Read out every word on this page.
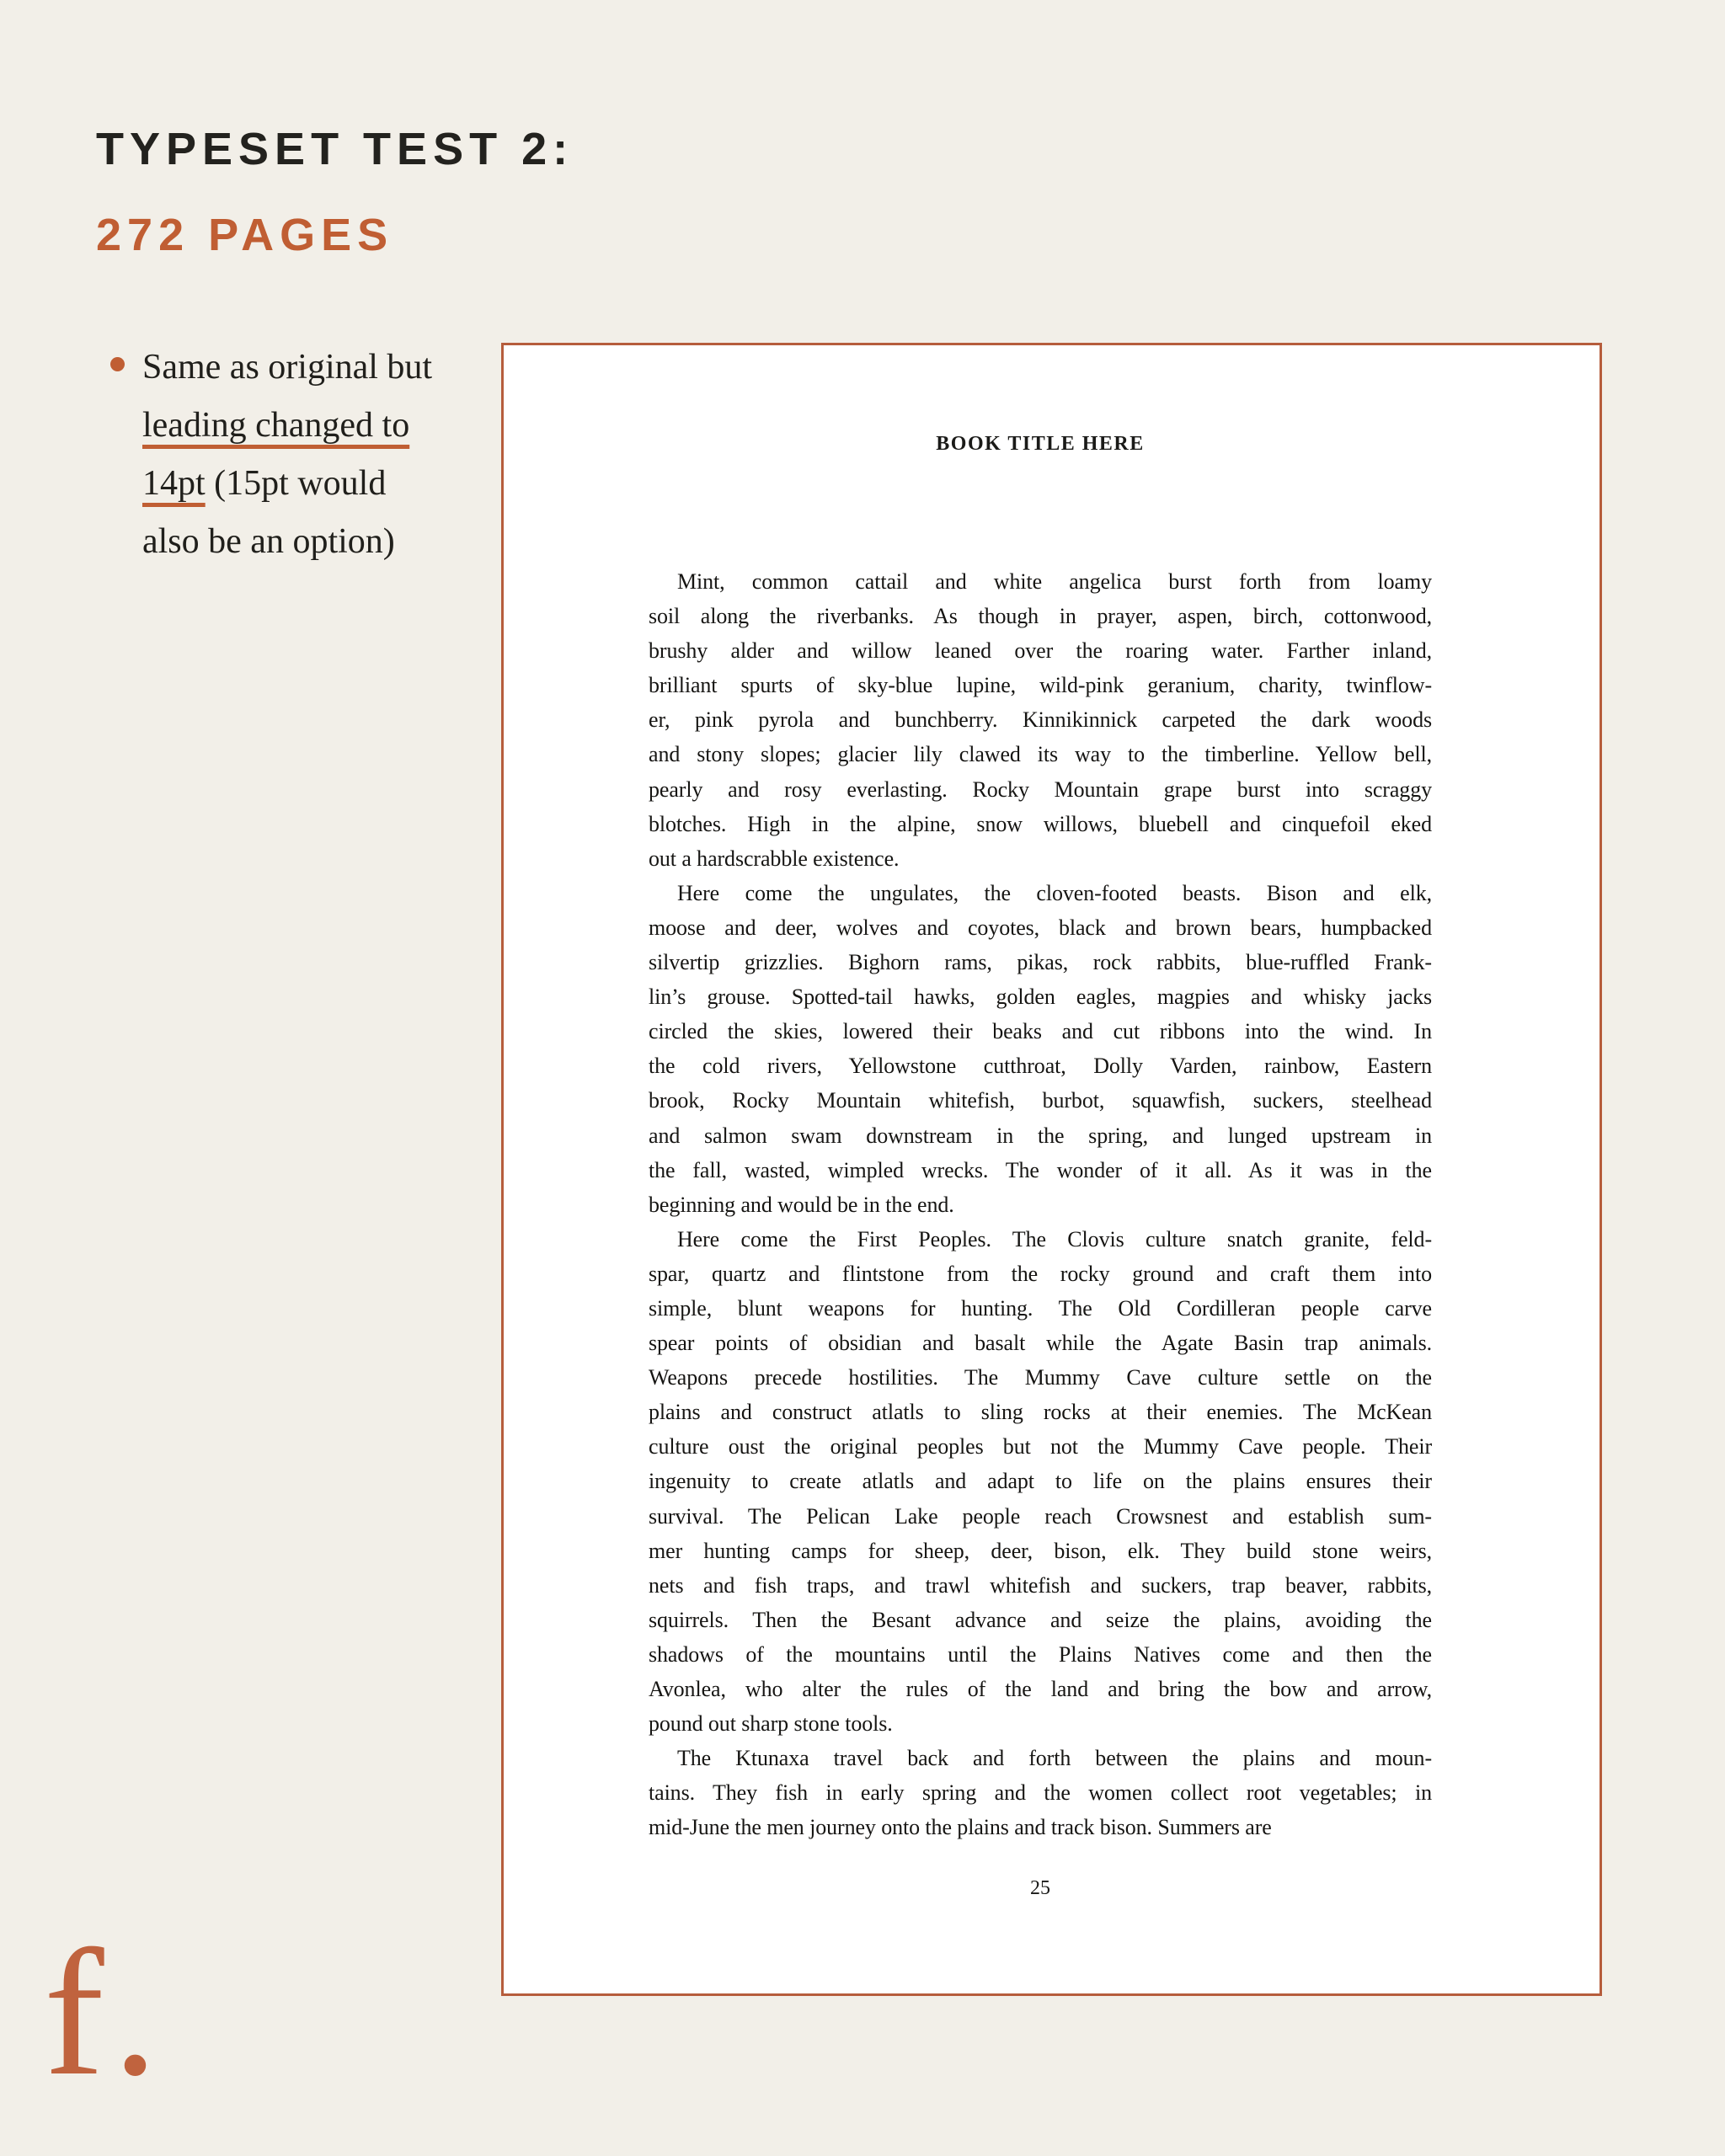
TYPESET TEST 2:
272 PAGES
Same as original but leading changed to 14pt (15pt would also be an option)
BOOK TITLE HERE
Mint, common cattail and white angelica burst forth from loamy
soil along the riverbanks. As though in prayer, aspen, birch, cottonwood,
brushy alder and willow leaned over the roaring water. Farther inland,
brilliant spurts of sky-blue lupine, wild-pink geranium, charity, twinflow-
er, pink pyrola and bunchberry. Kinnikinnick carpeted the dark woods
and stony slopes; glacier lily clawed its way to the timberline. Yellow bell,
pearly and rosy everlasting. Rocky Mountain grape burst into scraggy
blotches. High in the alpine, snow willows, bluebell and cinquefoil eked
out a hardscrabble existence.
Here come the ungulates, the cloven-footed beasts. Bison and elk,
moose and deer, wolves and coyotes, black and brown bears, humpbacked
silvertip grizzlies. Bighorn rams, pikas, rock rabbits, blue-ruffled Frank-
lin’s grouse. Spotted-tail hawks, golden eagles, magpies and whisky jacks
circled the skies, lowered their beaks and cut ribbons into the wind. In
the cold rivers, Yellowstone cutthroat, Dolly Varden, rainbow, Eastern
brook, Rocky Mountain whitefish, burbot, squawfish, suckers, steelhead
and salmon swam downstream in the spring, and lunged upstream in
the fall, wasted, wimpled wrecks. The wonder of it all. As it was in the
beginning and would be in the end.
Here come the First Peoples. The Clovis culture snatch granite, feld-
spar, quartz and flintstone from the rocky ground and craft them into
simple, blunt weapons for hunting. The Old Cordilleran people carve
spear points of obsidian and basalt while the Agate Basin trap animals.
Weapons precede hostilities. The Mummy Cave culture settle on the
plains and construct atlatls to sling rocks at their enemies. The McKean
culture oust the original peoples but not the Mummy Cave people. Their
ingenuity to create atlatls and adapt to life on the plains ensures their
survival. The Pelican Lake people reach Crowsnest and establish sum-
mer hunting camps for sheep, deer, bison, elk. They build stone weirs,
nets and fish traps, and trawl whitefish and suckers, trap beaver, rabbits,
squirrels. Then the Besant advance and seize the plains, avoiding the
shadows of the mountains until the Plains Natives come and then the
Avonlea, who alter the rules of the land and bring the bow and arrow,
pound out sharp stone tools.
The Ktunaxa travel back and forth between the plains and moun-
tains. They fish in early spring and the women collect root vegetables; in
mid-June the men journey onto the plains and track bison. Summers are
25
f.
